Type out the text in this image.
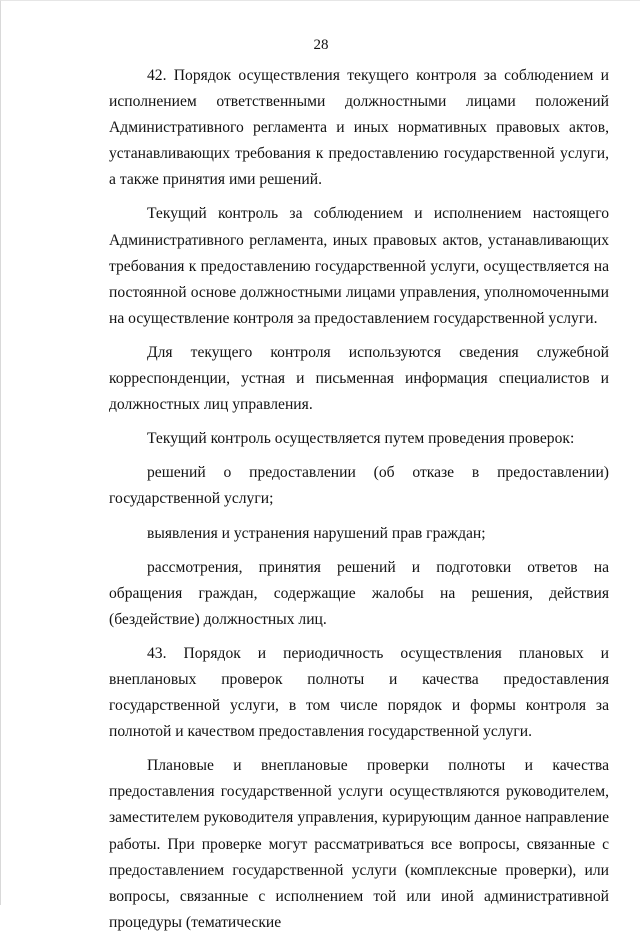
28

42. Порядок осуществления текущего контроля за соблюдением и исполнением ответственными должностными лицами положений Административного регламента и иных нормативных правовых актов, устанавливающих требования к предоставлению государственной услуги, а также принятия ими решений.

Текущий контроль за соблюдением и исполнением настоящего Административного регламента, иных правовых актов, устанавливающих требования к предоставлению государственной услуги, осуществляется на постоянной основе должностными лицами управления, уполномоченными на осуществление контроля за предоставлением государственной услуги.

Для текущего контроля используются сведения служебной корреспонденции, устная и письменная информация специалистов и должностных лиц управления.

Текущий контроль осуществляется путем проведения проверок:

решений о предоставлении (об отказе в предоставлении) государственной услуги;

выявления и устранения нарушений прав граждан;

рассмотрения, принятия решений и подготовки ответов на обращения граждан, содержащие жалобы на решения, действия (бездействие) должностных лиц.

43. Порядок и периодичность осуществления плановых и внеплановых проверок полноты и качества предоставления государственной услуги, в том числе порядок и формы контроля за полнотой и качеством предоставления государственной услуги.

Плановые и внеплановые проверки полноты и качества предоставления государственной услуги осуществляются руководителем, заместителем руководителя управления, курирующим данное направление работы. При проверке могут рассматриваться все вопросы, связанные с предоставлением государственной услуги (комплексные проверки), или вопросы, связанные с исполнением той или иной административной процедуры (тематические
